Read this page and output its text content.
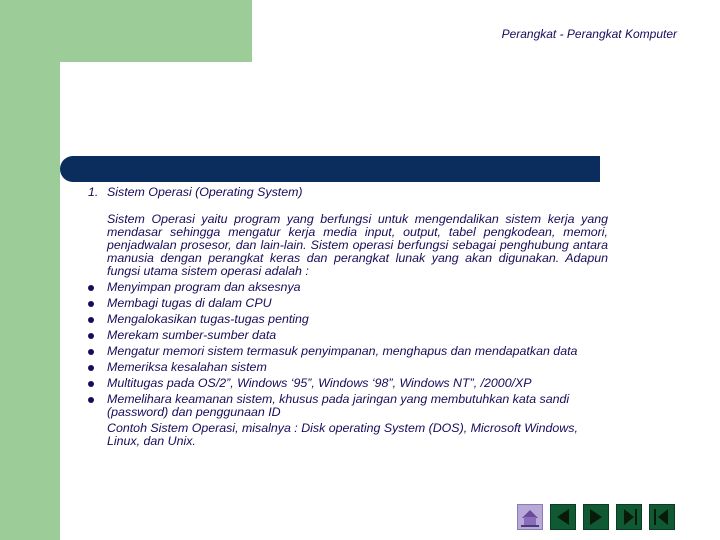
Perangkat - Perangkat Komputer
1. Sistem Operasi (Operating System)

Sistem Operasi yaitu program yang berfungsi untuk mengendalikan sistem kerja yang mendasar sehingga mengatur kerja media input, output, tabel pengkodean, memori, penjadwalan prosesor, dan lain-lain. Sistem operasi berfungsi sebagai penghubung antara manusia dengan perangkat keras dan perangkat lunak yang akan digunakan. Adapun fungsi utama sistem operasi adalah :

Menyimpan program dan aksesnya
Membagi tugas di dalam CPU
Mengalokasikan tugas-tugas penting
Merekam sumber-sumber data
Mengatur memori sistem termasuk penyimpanan, menghapus dan mendapatkan data
Memeriksa kesalahan sistem
Multitugas pada OS/2”, Windows ‘95”, Windows ‘98”, Windows NT”, /2000/XP
Memelihara keamanan sistem, khusus pada jaringan yang membutuhkan kata sandi (password) dan penggunaan ID

Contoh Sistem Operasi, misalnya : Disk operating System (DOS), Microsoft Windows, Linux, dan Unix.
